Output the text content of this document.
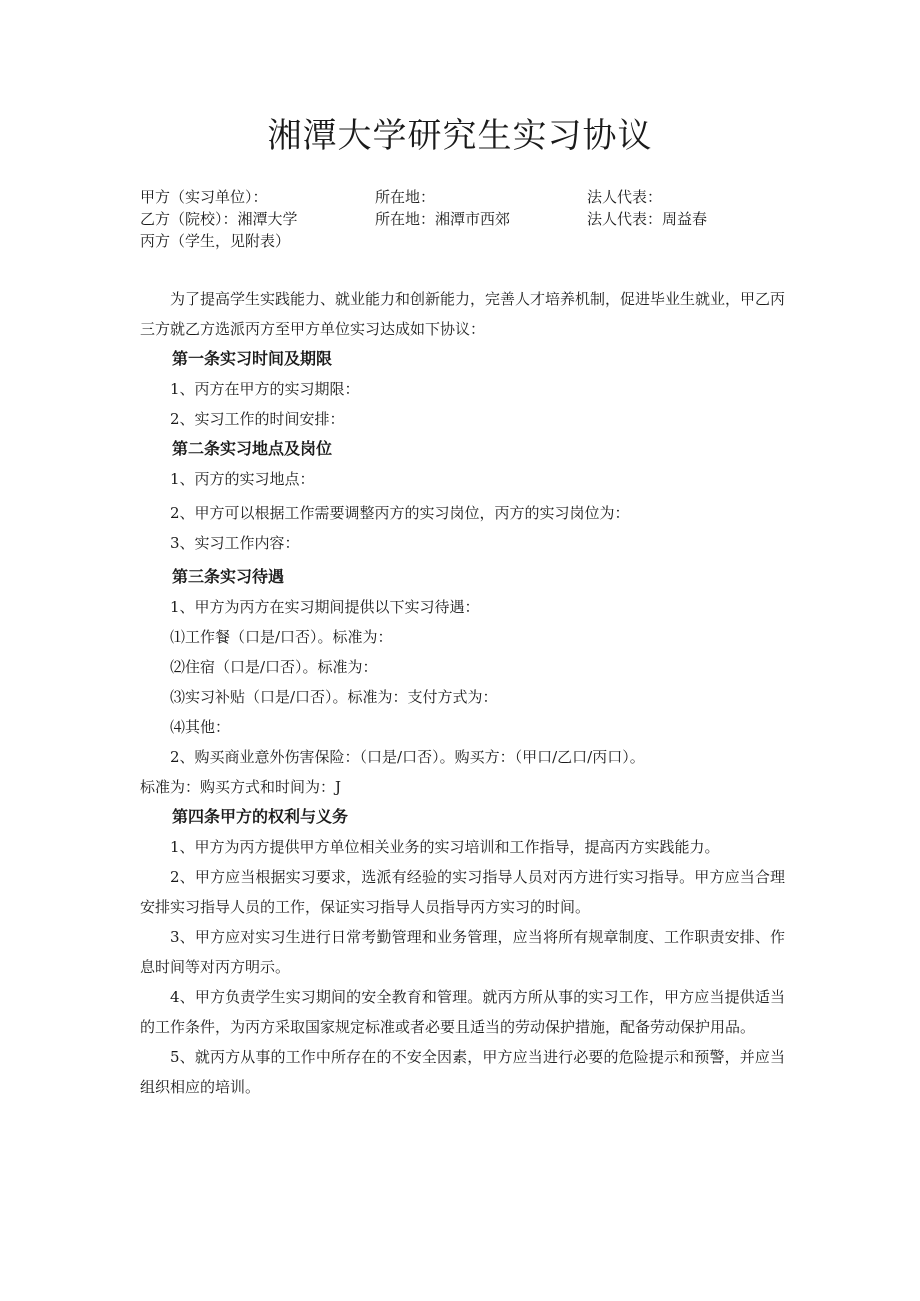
湘潭大学研究生实习协议
甲方（实习单位）：	所在地：	法人代表：
乙方（院校）：湘潭大学	所在地：湘潭市西郊	法人代表：周益春
丙方（学生，见附表）

为了提高学生实践能力、就业能力和创新能力，完善人才培养机制，促进毕业生就业，甲乙丙三方就乙方选派丙方至甲方单位实习达成如下协议：

第一条实习时间及期限

1、丙方在甲方的实习期限：

2、实习工作的时间安排：

第二条实习地点及岗位

1、丙方的实习地点：

2、甲方可以根据工作需要调整丙方的实习岗位，丙方的实习岗位为：

3、实习工作内容：

第三条实习待遇

1、甲方为丙方在实习期间提供以下实习待遇：

⑴工作餐（口是/口否）。标准为：

⑵住宿（口是/口否）。标准为：

⑶实习补贴（口是/口否）。标准为：支付方式为：

⑷其他：

2、购买商业意外伤害保险：（口是/口否）。购买方：（甲口/乙口/丙口）。

标准为：购买方式和时间为：J

第四条甲方的权利与义务

1、甲方为丙方提供甲方单位相关业务的实习培训和工作指导，提高丙方实践能力。

2、甲方应当根据实习要求，选派有经验的实习指导人员对丙方进行实习指导。甲方应当合理安排实习指导人员的工作，保证实习指导人员指导丙方实习的时间。

3、甲方应对实习生进行日常考勤管理和业务管理，应当将所有规章制度、工作职责安排、作息时间等对丙方明示。

4、甲方负责学生实习期间的安全教育和管理。就丙方所从事的实习工作，甲方应当提供适当的工作条件，为丙方采取国家规定标准或者必要且适当的劳动保护措施，配备劳动保护用品。

5、就丙方从事的工作中所存在的不安全因素，甲方应当进行必要的危险提示和预警，并应当组织相应的培训。
